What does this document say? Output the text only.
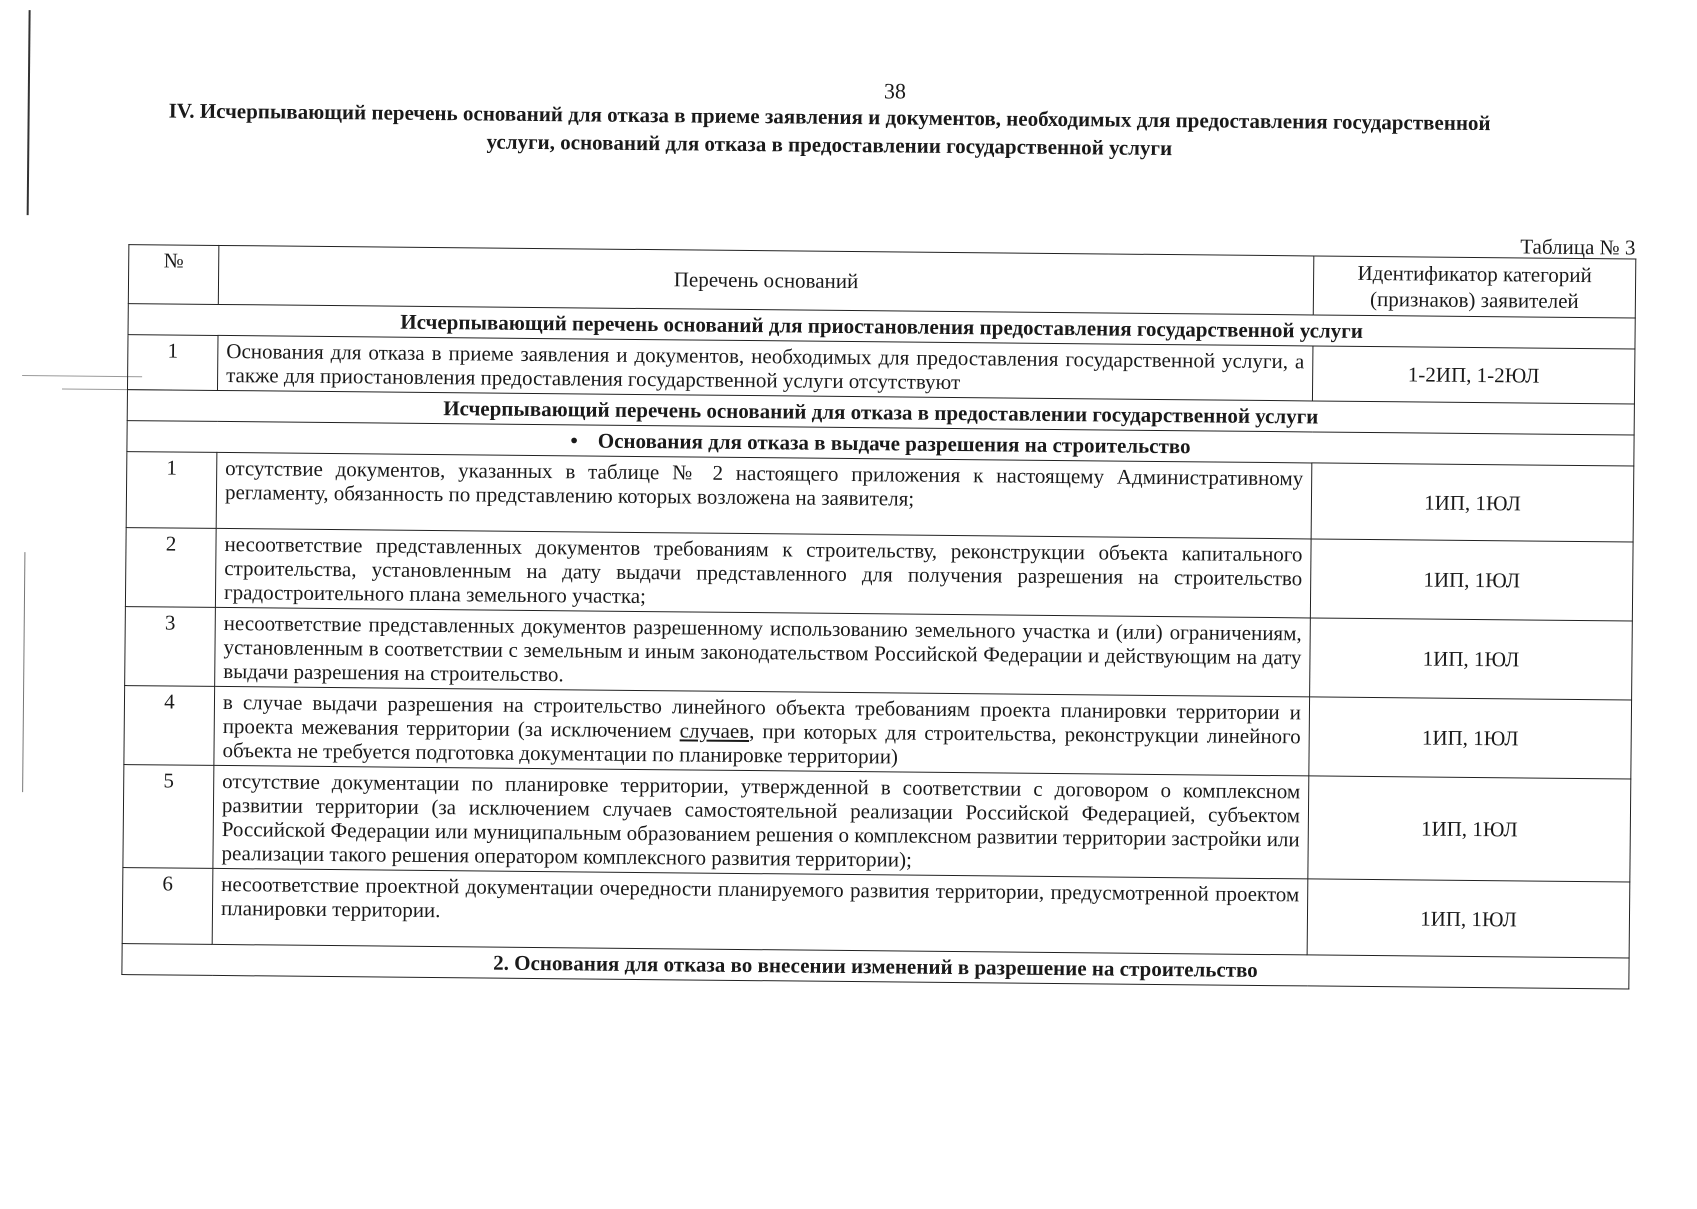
38
IV. Исчерпывающий перечень оснований для отказа в приеме заявления и документов, необходимых для предоставления государственной услуги, оснований для отказа в предоставлении государственной услуги
Таблица № 3
№	Перечень оснований	Идентификатор категорий (признаков) заявителей
Исчерпывающий перечень оснований для приостановления предоставления государственной услуги		
1	Основания для отказа в приеме заявления и документов, необходимых для предоставления государственной услуги, а также для приостановления предоставления государственной услуги отсутствуют	1-2ИП, 1-2ЮЛ
Исчерпывающий перечень оснований для отказа в предоставлении государственной услуги		
• Основания для отказа в выдаче разрешения на строительство		
1	отсутствие документов, указанных в таблице № 2 настоящего приложения к настоящему Административному регламенту, обязанность по представлению которых возложена на заявителя;	1ИП, 1ЮЛ
2	несоответствие представленных документов требованиям к строительству, реконструкции объекта капитального строительства, установленным на дату выдачи представленного для получения разрешения на строительство градостроительного плана земельного участка;	1ИП, 1ЮЛ
3	несоответствие представленных документов разрешенному использованию земельного участка и (или) ограничениям, установленным в соответствии с земельным и иным законодательством Российской Федерации и действующим на дату выдачи разрешения на строительство.	1ИП, 1ЮЛ
4	в случае выдачи разрешения на строительство линейного объекта требованиям проекта планировки территории и проекта межевания территории (за исключением случаев, при которых для строительства, реконструкции линейного объекта не требуется подготовка документации по планировке территории)	1ИП, 1ЮЛ
5	отсутствие документации по планировке территории, утвержденной в соответствии с договором о комплексном развитии территории (за исключением случаев самостоятельной реализации Российской Федерацией, субъектом Российской Федерации или муниципальным образованием решения о комплексном развитии территории застройки или реализации такого решения оператором комплексного развития территории);	1ИП, 1ЮЛ
6	несоответствие проектной документации очередности планируемого развития территории, предусмотренной проектом планировки территории.	1ИП, 1ЮЛ
2. Основания для отказа во внесении изменений в разрешение на строительство		
